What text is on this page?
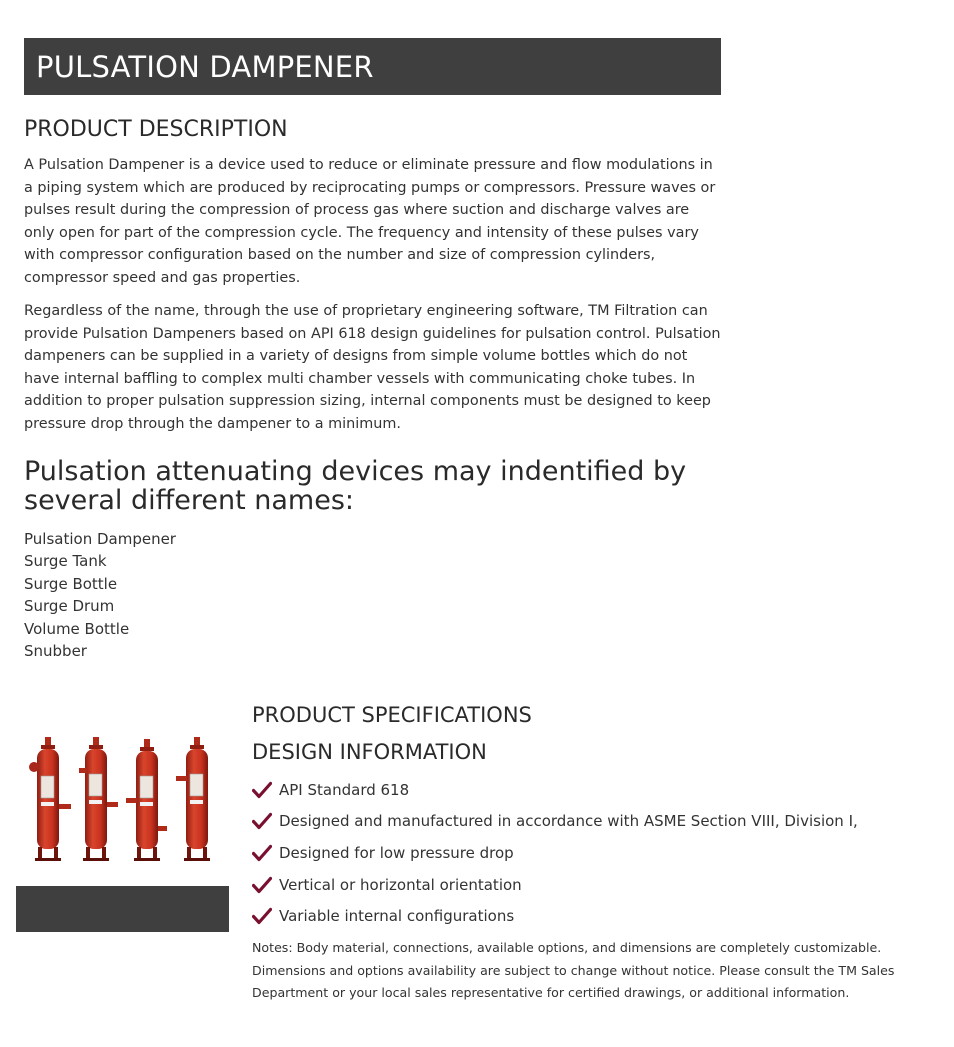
PULSATION DAMPENER
PRODUCT DESCRIPTION

A Pulsation Dampener is a device used to reduce or eliminate pressure and flow modulations in a piping system which are produced by reciprocating pumps or compressors. Pressure waves or pulses result during the compression of process gas where suction and discharge valves are only open for part of the compression cycle. The frequency and intensity of these pulses vary with compressor configuration based on the number and size of compression cylinders, compressor speed and gas properties.

Regardless of the name, through the use of proprietary engineering software, TM Filtration can provide Pulsation Dampeners based on API 618 design guidelines for pulsation control. Pulsation dampeners can be supplied in a variety of designs from simple volume bottles which do not have internal baffling to complex multi chamber vessels with communicating choke tubes. In addition to proper pulsation suppression sizing, internal components must be designed to keep pressure drop through the dampener to a minimum.

Pulsation attenuating devices may indentified by several different names:
Pulsation Dampener
Surge Tank
Surge Bottle
Surge Drum
Volume Bottle
Snubber
PRODUCT SPECIFICATIONS
DESIGN INFORMATION
API Standard 618
Designed and manufactured in accordance with ASME Section VIII, Division I,
Designed for low pressure drop
Vertical or horizontal orientation
Variable internal configurations

Notes: Body material, connections, available options, and dimensions are completely customizable. Dimensions and options availability are subject to change without notice. Please consult the TM Sales Department or your local sales representative for certified drawings, or additional information.
